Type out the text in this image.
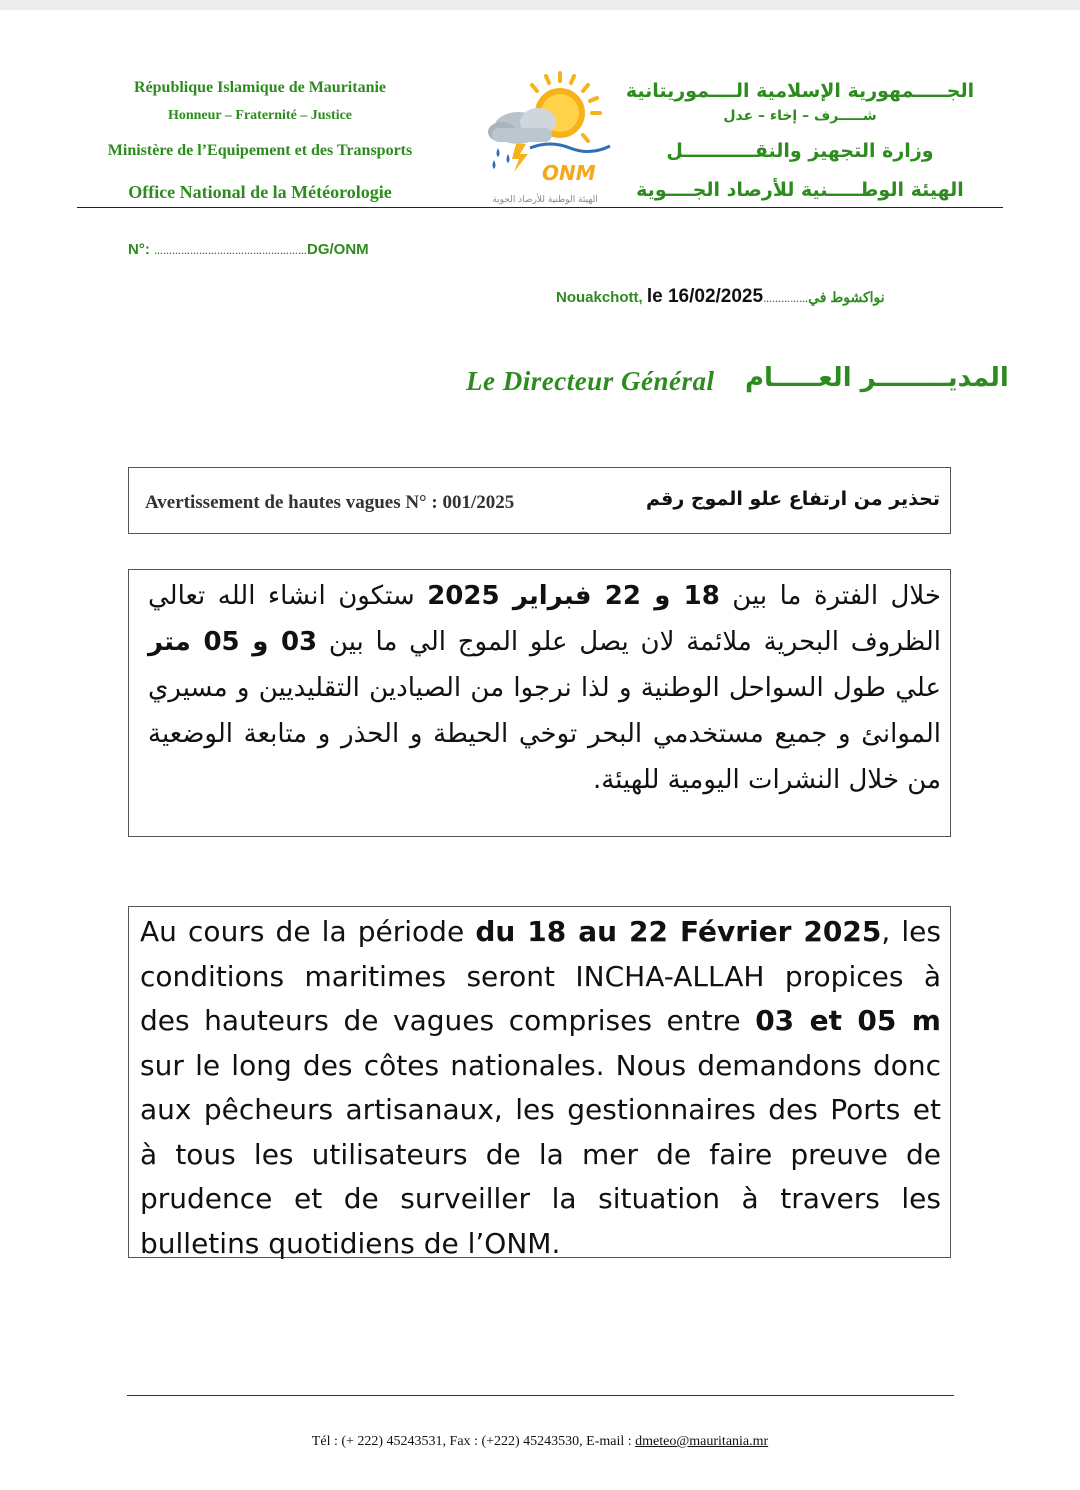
République Islamique de Mauritanie
Honneur – Fraternité – Justice
Ministère de l’Equipement et des Transports
Office National de la Météorologie
ONM
الهيئة الوطنية للأرصاد الجوية
الجـــــمهورية الإسلامية الــــموريتانية
شـــــرف – إخاء – عدل
وزارة التجهيز والنقـــــــــــل
الهيئة الوطـــــنية للأرصاد الجــــوية
N°: ……………………………………………DG/ONM
Nouakchott, le 16/02/2025……………نواكشوط في
Le Directeur Général المديــــــــر العـــــام
Avertissement de hautes vagues N° : 001/2025	تحذير من ارتفاع علو الموج رقم
خلال الفترة ما بين 18 و 22 فبراير 2025 ستكون انشاء الله تعالي الظروف البحرية ملائمة لان يصل علو الموج الي ما بين 03 و 05 متر علي طول السواحل الوطنية و لذا نرجوا من الصيادين التقليديين و مسيري الموانئ و جميع مستخدمي البحر توخي الحيطة و الحذر و متابعة الوضعية من خلال النشرات اليومية للهيئة.
Au cours de la période du 18 au 22 Février 2025, les conditions maritimes seront INCHA-ALLAH propices à des hauteurs de vagues comprises entre 03 et 05 m sur le long des côtes nationales. Nous demandons donc aux pêcheurs artisanaux, les gestionnaires des Ports et à tous les utilisateurs de la mer de faire preuve de prudence et de surveiller la situation à travers les bulletins quotidiens de l’ONM.
Tél : (+ 222) 45243531, Fax : (+222) 45243530, E-mail : dmeteo@mauritania.mr
